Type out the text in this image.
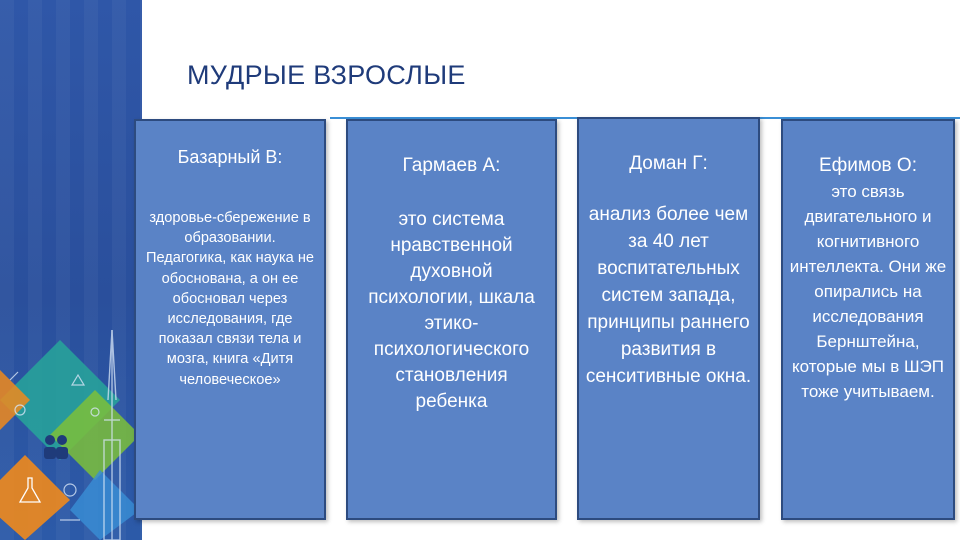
МУДРЫЕ ВЗРОСЛЫЕ
Базарный В:
здоровье-сбережение в образовании. Педагогика, как наука не обоснована, а он ее обосновал через исследования, где показал связи тела и мозга, книга «Дитя человеческое»
Гармаев А:
это система нравственной духовной психологии, шкала этико-психологического становления ребенка
Доман Г:
анализ более чем за 40 лет воспитательных систем запада, принципы раннего развития в сенситивные окна.
Ефимов О:
это связь двигательного и когнитивного интеллекта. Они же опирались на исследования Бернштейна, которые мы в ШЭП тоже учитываем.
